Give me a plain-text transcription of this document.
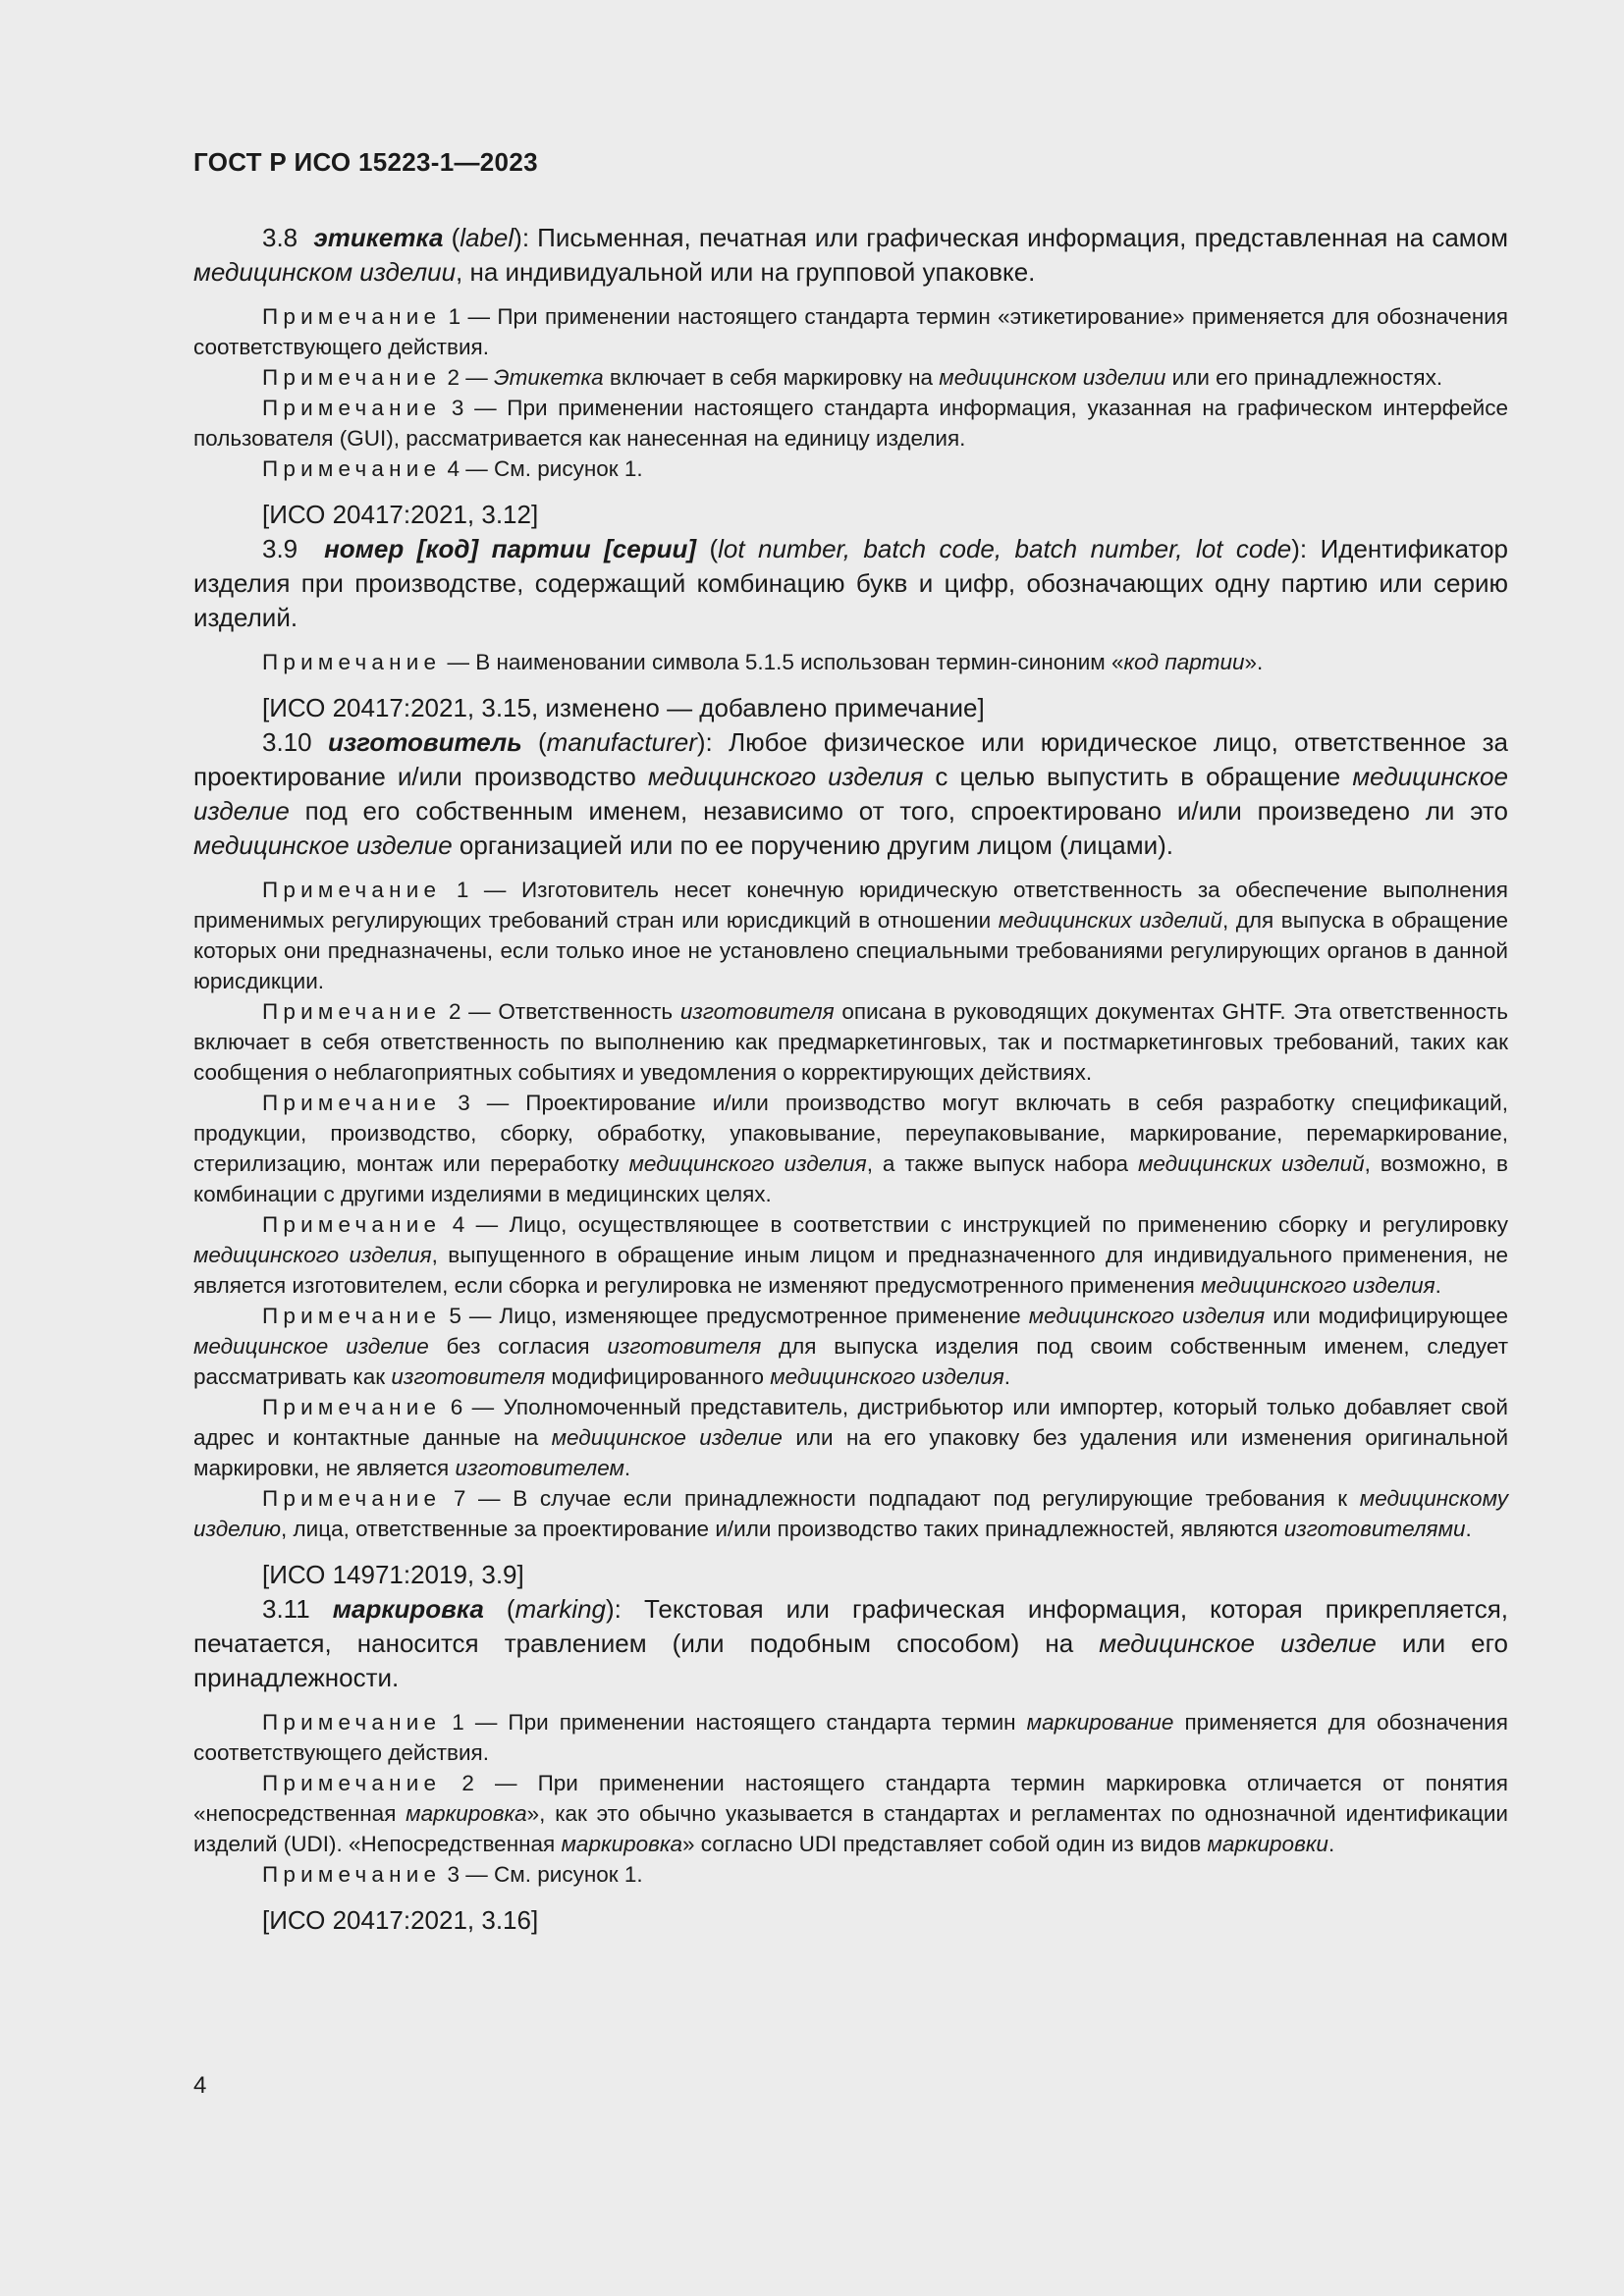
ГОСТ Р ИСО 15223-1—2023

3.8 этикетка (label): Письменная, печатная или графическая информация, представленная на самом медицинском изделии, на индивидуальной или на групповой упаковке.

Примечание 1 — При применении настоящего стандарта термин «этикетирование» применяется для обозначения соответствующего действия.

Примечание 2 — Этикетка включает в себя маркировку на медицинском изделии или его принадлежностях.

Примечание 3 — При применении настоящего стандарта информация, указанная на графическом интерфейсе пользователя (GUI), рассматривается как нанесенная на единицу изделия.

Примечание 4 — См. рисунок 1.

[ИСО 20417:2021, 3.12]

3.9 номер [код] партии [серии] (lot number, batch code, batch number, lot code): Идентификатор изделия при производстве, содержащий комбинацию букв и цифр, обозначающих одну партию или серию изделий.

Примечание — В наименовании символа 5.1.5 использован термин-синоним «код партии».

[ИСО 20417:2021, 3.15, изменено — добавлено примечание]

3.10 изготовитель (manufacturer): Любое физическое или юридическое лицо, ответственное за проектирование и/или производство медицинского изделия с целью выпустить в обращение медицинское изделие под его собственным именем, независимо от того, спроектировано и/или произведено ли это медицинское изделие организацией или по ее поручению другим лицом (лицами).

Примечание 1 — Изготовитель несет конечную юридическую ответственность за обеспечение выполнения применимых регулирующих требований стран или юрисдикций в отношении медицинских изделий, для выпуска в обращение которых они предназначены, если только иное не установлено специальными требованиями регулирующих органов в данной юрисдикции.

Примечание 2 — Ответственность изготовителя описана в руководящих документах GHTF. Эта ответственность включает в себя ответственность по выполнению как предмаркетинговых, так и постмаркетинговых требований, таких как сообщения о неблагоприятных событиях и уведомления о корректирующих действиях.

Примечание 3 — Проектирование и/или производство могут включать в себя разработку спецификаций, продукции, производство, сборку, обработку, упаковывание, переупаковывание, маркирование, перемаркирование, стерилизацию, монтаж или переработку медицинского изделия, а также выпуск набора медицинских изделий, возможно, в комбинации с другими изделиями в медицинских целях.

Примечание 4 — Лицо, осуществляющее в соответствии с инструкцией по применению сборку и регулировку медицинского изделия, выпущенного в обращение иным лицом и предназначенного для индивидуального применения, не является изготовителем, если сборка и регулировка не изменяют предусмотренного применения медицинского изделия.

Примечание 5 — Лицо, изменяющее предусмотренное применение медицинского изделия или модифицирующее медицинское изделие без согласия изготовителя для выпуска изделия под своим собственным именем, следует рассматривать как изготовителя модифицированного медицинского изделия.

Примечание 6 — Уполномоченный представитель, дистрибьютор или импортер, который только добавляет свой адрес и контактные данные на медицинское изделие или на его упаковку без удаления или изменения оригинальной маркировки, не является изготовителем.

Примечание 7 — В случае если принадлежности подпадают под регулирующие требования к медицинскому изделию, лица, ответственные за проектирование и/или производство таких принадлежностей, являются изготовителями.

[ИСО 14971:2019, 3.9]

3.11 маркировка (marking): Текстовая или графическая информация, которая прикрепляется, печатается, наносится травлением (или подобным способом) на медицинское изделие или его принадлежности.

Примечание 1 — При применении настоящего стандарта термин маркирование применяется для обозначения соответствующего действия.

Примечание 2 — При применении настоящего стандарта термин маркировка отличается от понятия «непосредственная маркировка», как это обычно указывается в стандартах и регламентах по однозначной идентификации изделий (UDI). «Непосредственная маркировка» согласно UDI представляет собой один из видов маркировки.

Примечание 3 — См. рисунок 1.

[ИСО 20417:2021, 3.16]

4
